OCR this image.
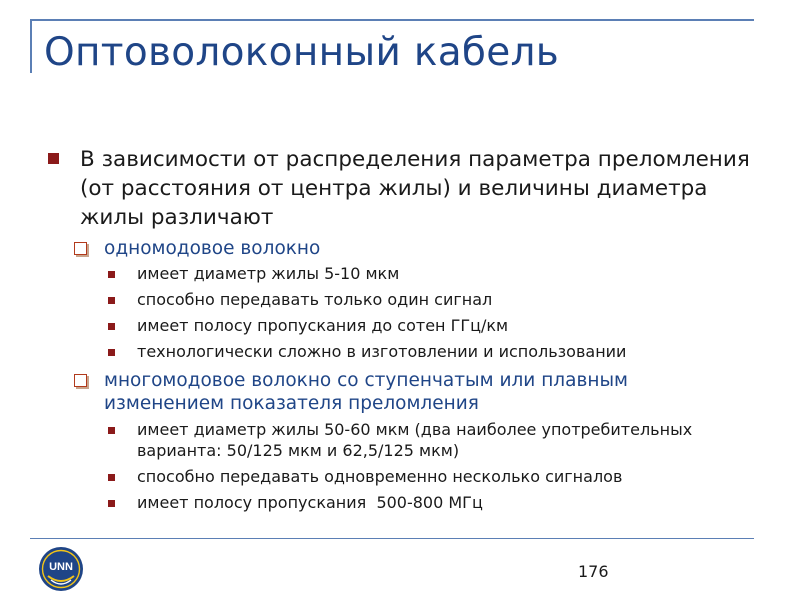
Оптоволоконный кабель
В зависимости от распределения параметра преломления (от расстояния от центра жилы) и величины диаметра жилы различают
одномодовое волокно
имеет диаметр жилы 5-10 мкм
способно передавать только один сигнал
имеет полосу пропускания до сотен ГГц/км
технологически сложно в изготовлении и использовании
многомодовое волокно со ступенчатым или плавным изменением показателя преломления
имеет диаметр жилы 50-60 мкм (два наиболее употребительных варианта: 50/125 мкм и 62,5/125 мкм)
способно передавать одновременно несколько сигналов
имеет полосу пропускания  500-800 МГц
UNN	176
